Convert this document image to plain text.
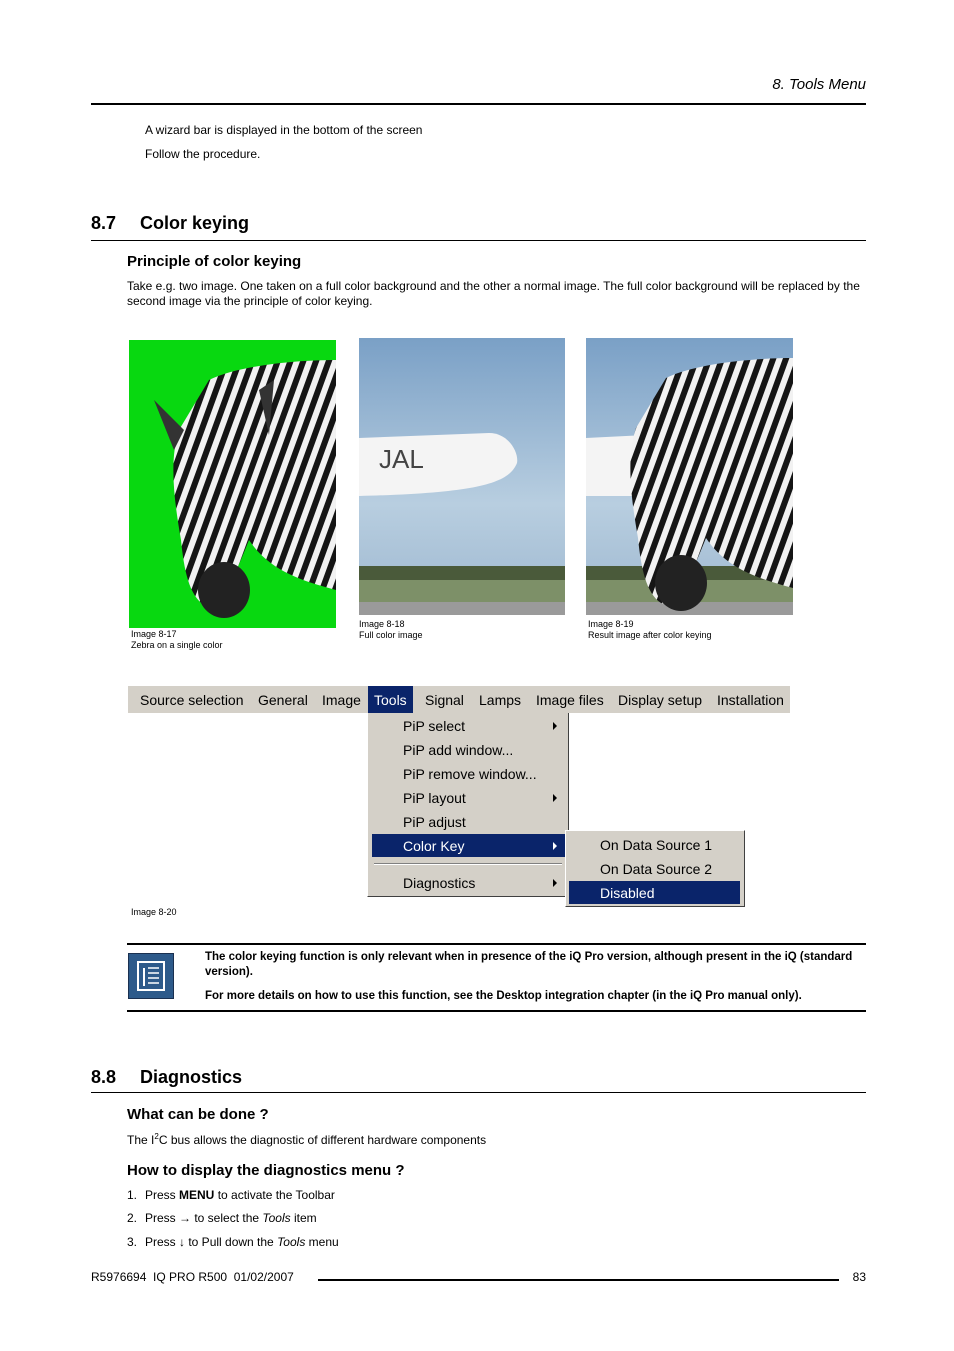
8. Tools Menu
A wizard bar is displayed in the bottom of the screen
Follow the procedure.
8.7 Color keying
Principle of color keying
Take e.g. two image. One taken on a full color background and the other a normal image. The full color background will be replaced by the second image via the principle of color keying.
Image 8-17
Zebra on a single color
JAL
Image 8-18
Full color image
Image 8-19
Result image after color keying
Source selection General Image Tools	Signal Lamps Image files Display setup Installation
PiP select
PiP add window...
PiP remove window...
PiP layout
PiP adjust
Color Key
Diagnostics
On Data Source 1
On Data Source 2
Disabled
Image 8-20
The color keying function is only relevant when in presence of the iQ Pro version, although present in the iQ (standard version).
For more details on how to use this function, see the Desktop integration chapter (in the iQ Pro manual only).
8.8 Diagnostics
What can be done ?
The $I^2C$ bus allows the diagnostic of different hardware components
How to display the diagnostics menu ?
1. Press MENU to activate the Toolbar
2. Press → to select the Tools item
3. Press ↓ to Pull down the Tools menu
R5976694  IQ PRO R500  01/02/2007	83
